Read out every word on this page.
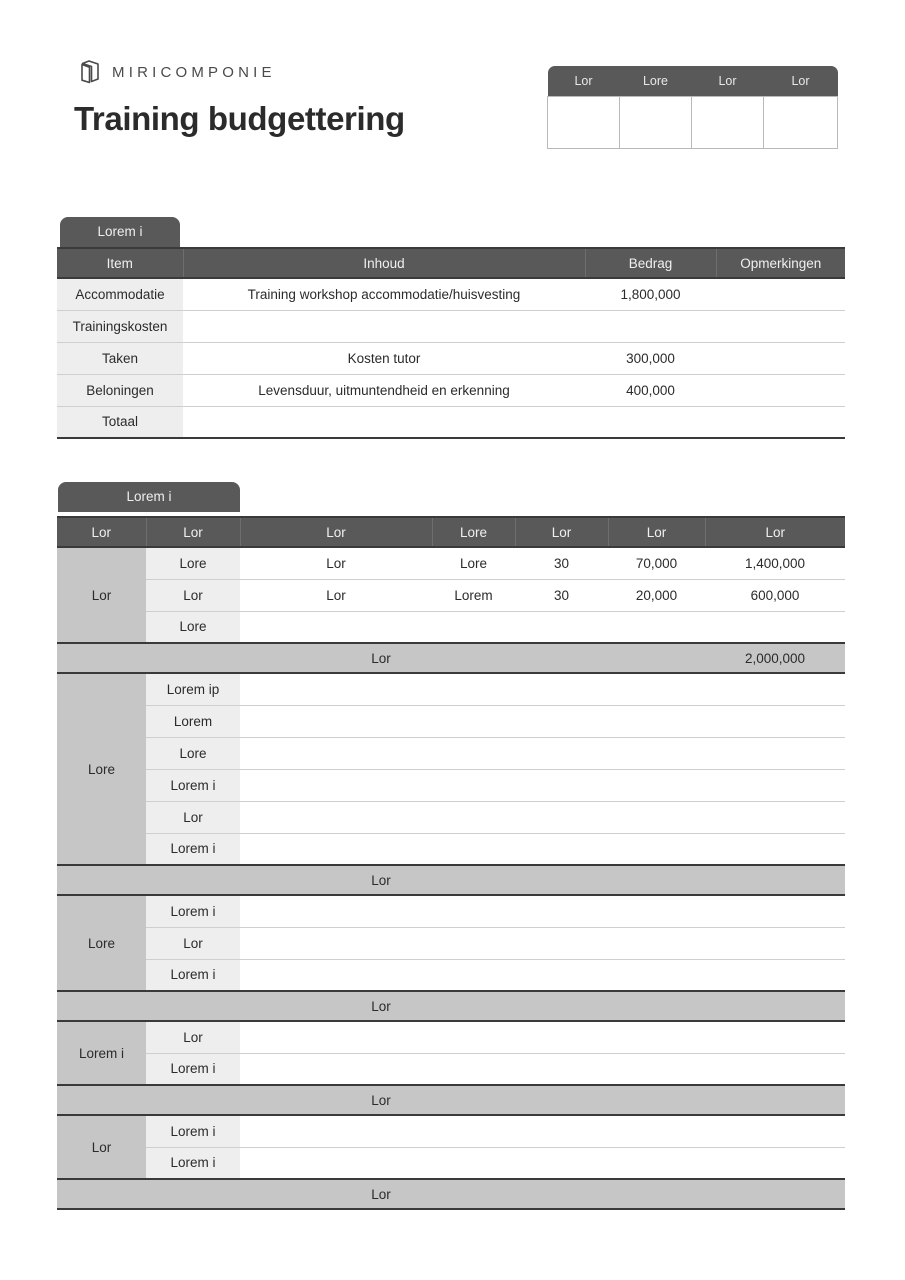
MIRICOMPONIE
Training budgettering
Lor	Lore	Lor	Lor

Lorem i
Item	Inhoud	Bedrag	Opmerkingen
Accommodatie	Training workshop accommodatie/huisvesting	1,800,000	
Trainingskosten			
Taken	Kosten tutor	300,000	
Beloningen	Levensduur, uitmuntendheid en erkenning	400,000	
Totaal			
Lorem i
Lor	Lor	Lor	Lore	Lor	Lor	Lor
Lor	Lore	Lor	Lore	30	70,000	1,400,000
	Lor	Lor	Lorem	30	20,000	600,000
	Lore					
Lor						2,000,000
Lore	Lorem ip					
	Lorem					
	Lore					
	Lorem i					
	Lor					
	Lorem i					
Lor						
Lore	Lorem i					
	Lor					
	Lorem i					
Lor						
Lorem i	Lor					
	Lorem i					
Lor						
Lor	Lorem i					
	Lorem i					
Lor						
